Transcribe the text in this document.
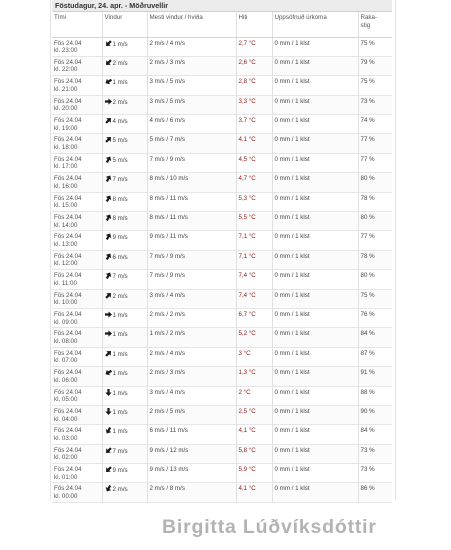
Föstudagur, 24. apr. - Möðruvellir
Tími	Vindur	Mesti vindur / hviða	Hiti	Uppsöfnuð úrkoma	Raka-
stig
Fös 24.04
kl. 23:00	1 m/s	2 m/s / 4 m/s	2,7 °C	0 mm / 1 klst	75 %
Fös 24.04
kl. 22:00	2 m/s	2 m/s / 3 m/s	2,6 °C	0 mm / 1 klst	79 %
Fös 24.04
kl. 21:00	1 m/s	3 m/s / 5 m/s	2,8 °C	0 mm / 1 klst	75 %
Fös 24.04
kl. 20:00	2 m/s	3 m/s / 5 m/s	3,3 °C	0 mm / 1 klst	73 %
Fös 24.04
kl. 19:00	4 m/s	4 m/s / 6 m/s	3,7 °C	0 mm / 1 klst	74 %
Fös 24.04
kl. 18:00	5 m/s	5 m/s / 7 m/s	4,1 °C	0 mm / 1 klst	77 %
Fös 24.04
kl. 17:00	5 m/s	7 m/s / 9 m/s	4,5 °C	0 mm / 1 klst	77 %
Fös 24.04
kl. 16:00	7 m/s	8 m/s / 10 m/s	4,7 °C	0 mm / 1 klst	80 %
Fös 24.04
kl. 15:00	8 m/s	8 m/s / 11 m/s	5,3 °C	0 mm / 1 klst	78 %
Fös 24.04
kl. 14:00	8 m/s	8 m/s / 11 m/s	5,5 °C	0 mm / 1 klst	80 %
Fös 24.04
kl. 13:00	9 m/s	9 m/s / 11 m/s	7,1 °C	0 mm / 1 klst	77 %
Fös 24.04
kl. 12:00	6 m/s	7 m/s / 9 m/s	7,1 °C	0 mm / 1 klst	78 %
Fös 24.04
kl. 11:00	7 m/s	7 m/s / 9 m/s	7,4 °C	0 mm / 1 klst	80 %
Fös 24.04
kl. 10:00	2 m/s	3 m/s / 4 m/s	7,4 °C	0 mm / 1 klst	75 %
Fös 24.04
kl. 09:00	1 m/s	2 m/s / 2 m/s	6,7 °C	0 mm / 1 klst	76 %
Fös 24.04
kl. 08:00	1 m/s	1 m/s / 2 m/s	5,2 °C	0 mm / 1 klst	84 %
Fös 24.04
kl. 07:00	1 m/s	2 m/s / 4 m/s	3 °C	0 mm / 1 klst	87 %
Fös 24.04
kl. 06:00	1 m/s	2 m/s / 3 m/s	1,3 °C	0 mm / 1 klst	91 %
Fös 24.04
kl. 05:00	1 m/s	3 m/s / 4 m/s	2 °C	0 mm / 1 klst	88 %
Fös 24.04
kl. 04:00	1 m/s	2 m/s / 5 m/s	2,5 °C	0 mm / 1 klst	90 %
Fös 24.04
kl. 03:00	1 m/s	6 m/s / 11 m/s	4,1 °C	0 mm / 1 klst	84 %
Fös 24.04
kl. 02:00	7 m/s	9 m/s / 12 m/s	5,8 °C	0 mm / 1 klst	73 %
Fös 24.04
kl. 01:00	9 m/s	9 m/s / 13 m/s	5,9 °C	0 mm / 1 klst	73 %
Fös 24.04
kl. 00:00	2 m/s	2 m/s / 8 m/s	4,1 °C	0 mm / 1 klst	86 %
Birgitta Lúðvíksdóttir
